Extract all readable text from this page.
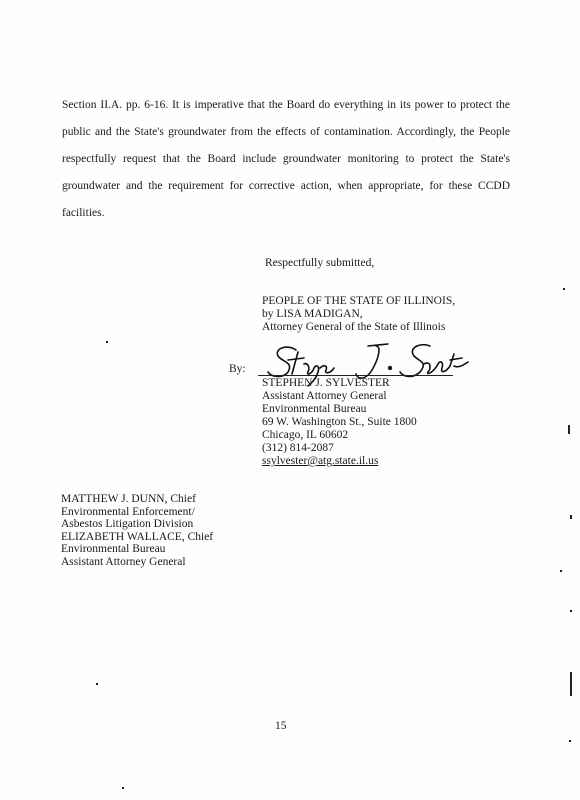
Section II.A. pp. 6-16. It is imperative that the Board do everything in its power to protect the public and the State's groundwater from the effects of contamination. Accordingly, the People respectfully request that the Board include groundwater monitoring to protect the State's groundwater and the requirement for corrective action, when appropriate, for these CCDD facilities.

Respectfully submitted,

PEOPLE OF THE STATE OF ILLINOIS,
by LISA MADIGAN,
Attorney General of the State of Illinois
By:
STEPHEN J. SYLVESTER
Assistant Attorney General
Environmental Bureau
69 W. Washington St., Suite 1800
Chicago, IL 60602
(312) 814-2087
ssylvester@atg.state.il.us
MATTHEW J. DUNN, Chief
Environmental Enforcement/
Asbestos Litigation Division
ELIZABETH WALLACE, Chief
Environmental Bureau
Assistant Attorney General
15
